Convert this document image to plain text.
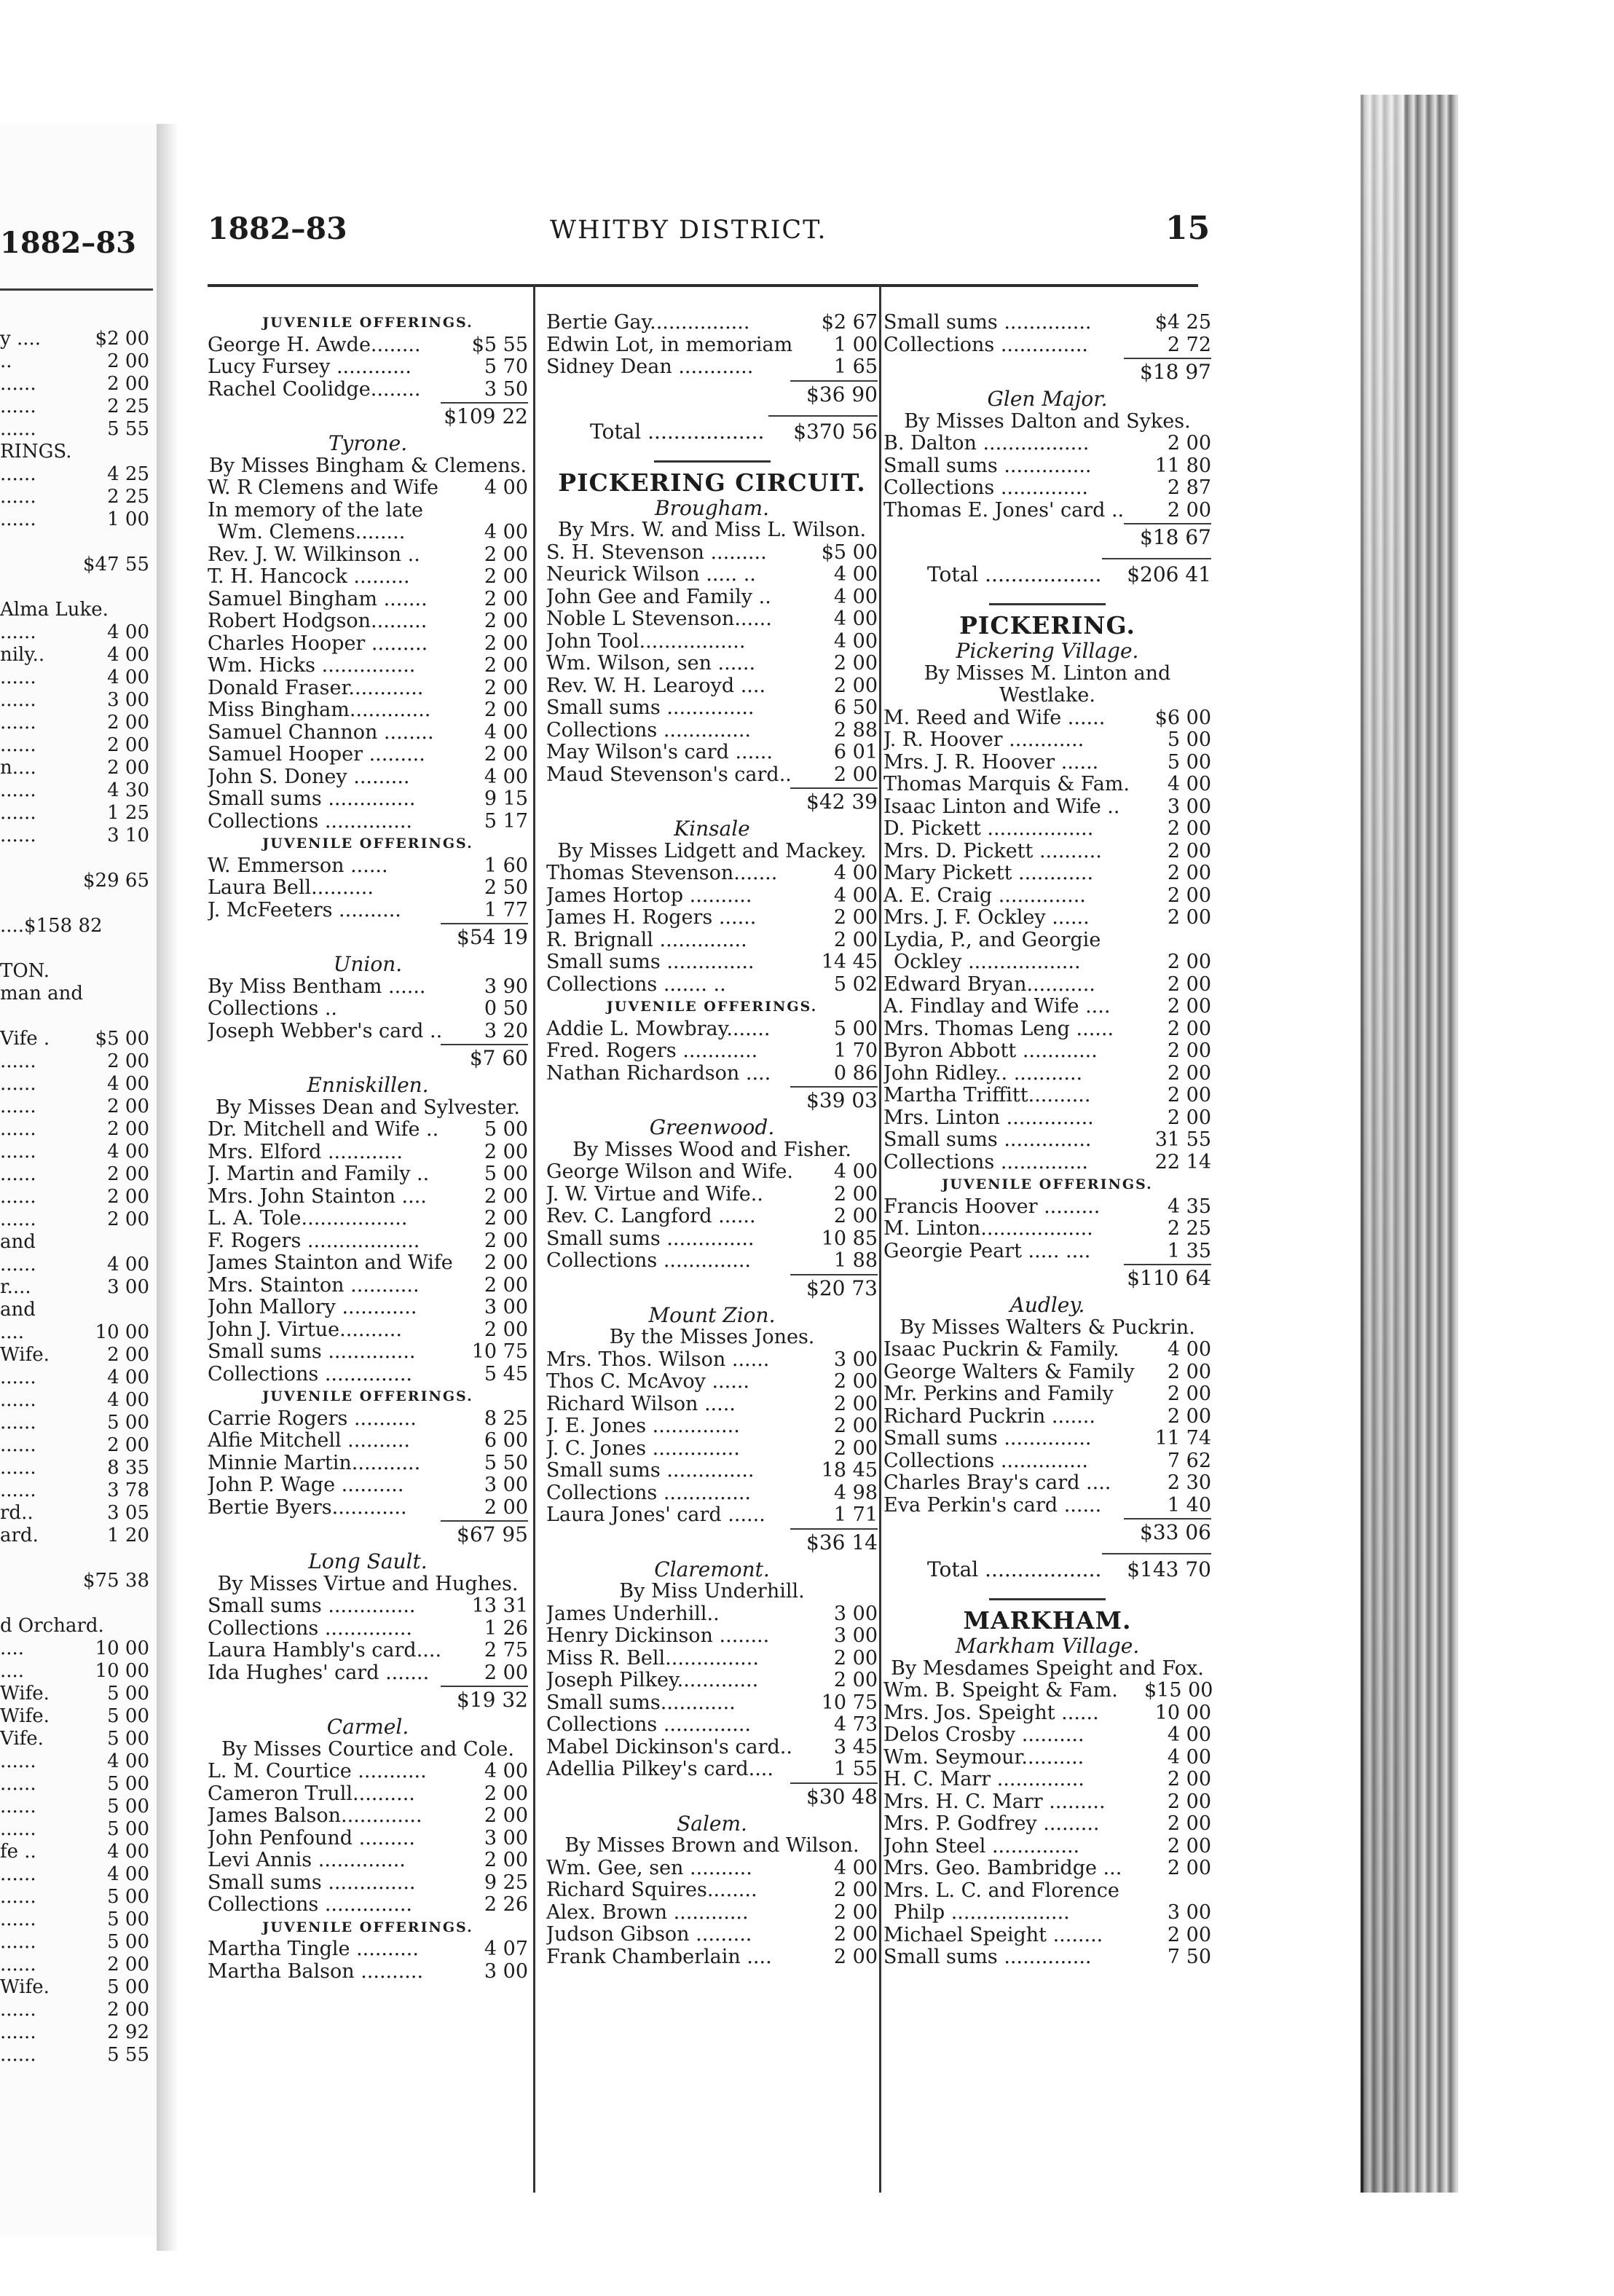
1882–83
y ....	$2 00
..	2 00
......	2 00
......	2 25
......	5 55
RINGS.
......	4 25
......	2 25
......	1 00
$47 55
Alma Luke.
......	4 00
nily..	4 00
......	4 00
......	3 00
......	2 00
......	2 00
n....	2 00
......	4 30
......	1 25
......	3 10
$29 65
....$158 82
TON.
man and
Vife . $5 00
......	2 00
......	4 00
......	2 00
......	2 00
......	4 00
......	2 00
......	2 00
......	2 00
and
......	4 00
r....	3 00
and
....	10 00
Wife.	2 00
......	4 00
......	4 00
......	5 00
......	2 00
......	8 35
......	3 78
rd..	3 05
ard.	1 20
$75 38
d Orchard.
....	10 00
....	10 00
Wife.	5 00
Wife.	5 00
Vife.	5 00
......	4 00
......	5 00
......	5 00
......	5 00
fe ..	4 00
......	4 00
......	5 00
......	5 00
......	5 00
......	2 00
Wife.	5 00
......	2 00
......	2 92
......	5 55
1882–83	WHITBY DISTRICT.	15
JUVENILE OFFERINGS.
George H. Awde........	$5 55
Lucy Fursey ............	5 70
Rachel Coolidge........	3 50
$109 22
Tyrone.
By Misses Bingham & Clemens.
W. R Clemens and Wife	4 00
In memory of the late
Wm. Clemens........	4 00
Rev. J. W. Wilkinson ..	2 00
T. H. Hancock .........	2 00
Samuel Bingham .......	2 00
Robert Hodgson.........	2 00
Charles Hooper .........	2 00
Wm. Hicks ...............	2 00
Donald Fraser............	2 00
Miss Bingham.............	2 00
Samuel Channon ........	4 00
Samuel Hooper .........	2 00
John S. Doney .........	4 00
Small sums ..............	9 15
Collections ..............	5 17
JUVENILE OFFERINGS.
W. Emmerson ......	1 60
Laura Bell..........	2 50
J. McFeeters ..........	1 77
$54 19
Union.
By Miss Bentham ......	3 90
Collections ..	0 50
Joseph Webber's card ..	3 20
$7 60
Enniskillen.
By Misses Dean and Sylvester.
Dr. Mitchell and Wife ..	5 00
Mrs. Elford ............	2 00
J. Martin and Family ..	5 00
Mrs. John Stainton ....	2 00
L. A. Tole.................	2 00
F. Rogers ..................	2 00
James Stainton and Wife	2 00
Mrs. Stainton ...........	2 00
John Mallory ............	3 00
John J. Virtue..........	2 00
Small sums ..............	10 75
Collections ..............	5 45
JUVENILE OFFERINGS.
Carrie Rogers ..........	8 25
Alfie Mitchell ..........	6 00
Minnie Martin...........	5 50
John P. Wage ..........	3 00
Bertie Byers............	2 00
$67 95
Long Sault.
By Misses Virtue and Hughes.
Small sums ..............	13 31
Collections ..............	1 26
Laura Hambly's card....	2 75
Ida Hughes' card .......	2 00
$19 32
Carmel.
By Misses Courtice and Cole.
L. M. Courtice ...........	4 00
Cameron Trull..........	2 00
James Balson.............	2 00
John Penfound .........	3 00
Levi Annis ..............	2 00
Small sums ..............	9 25
Collections ..............	2 26
JUVENILE OFFERINGS.
Martha Tingle ..........	4 07
Martha Balson ..........	3 00
Bertie Gay................	$2 67
Edwin Lot, in memoriam	1 00
Sidney Dean ............	1 65
$36 90
Total .................. $370 56
PICKERING CIRCUIT.
Brougham.
By Mrs. W. and Miss L. Wilson.
S. H. Stevenson .........	$5 00
Neurick Wilson ..... ..	4 00
John Gee and Family ..	4 00
Noble L Stevenson......	4 00
John Tool.................	4 00
Wm. Wilson, sen ......	2 00
Rev. W. H. Learoyd ....	2 00
Small sums ..............	6 50
Collections ..............	2 88
May Wilson's card ......	6 01
Maud Stevenson's card..	2 00
$42 39
Kinsale
By Misses Lidgett and Mackey.
Thomas Stevenson.......	4 00
James Hortop ..........	4 00
James H. Rogers ......	2 00
R. Brignall ..............	2 00
Small sums ..............	14 45
Collections ....... ..	5 02
JUVENILE OFFERINGS.
Addie L. Mowbray.......	5 00
Fred. Rogers ............	1 70
Nathan Richardson ....	0 86
$39 03
Greenwood.
By Misses Wood and Fisher.
George Wilson and Wife.	4 00
J. W. Virtue and Wife..	2 00
Rev. C. Langford ......	2 00
Small sums ..............	10 85
Collections ..............	1 88
$20 73
Mount Zion.
By the Misses Jones.
Mrs. Thos. Wilson ......	3 00
Thos C. McAvoy ......	2 00
Richard Wilson .....	2 00
J. E. Jones ..............	2 00
J. C. Jones ..............	2 00
Small sums ..............	18 45
Collections ..............	4 98
Laura Jones' card ......	1 71
$36 14
Claremont.
By Miss Underhill.
James Underhill..	3 00
Henry Dickinson ........	3 00
Miss R. Bell...............	2 00
Joseph Pilkey.............	2 00
Small sums............	10 75
Collections ..............	4 73
Mabel Dickinson's card..	3 45
Adellia Pilkey's card....	1 55
$30 48
Salem.
By Misses Brown and Wilson.
Wm. Gee, sen ..........	4 00
Richard Squires........	2 00
Alex. Brown ............	2 00
Judson Gibson .........	2 00
Frank Chamberlain ....	2 00
Small sums ..............	$4 25
Collections ..............	2 72
$18 97
Glen Major.
By Misses Dalton and Sykes.
B. Dalton .................	2 00
Small sums ..............	11 80
Collections ..............	2 87
Thomas E. Jones' card ..	2 00
$18 67
Total .................. $206 41
PICKERING.
Pickering Village.
By Misses M. Linton and
Westlake.
M. Reed and Wife ......	$6 00
J. R. Hoover ............	5 00
Mrs. J. R. Hoover ......	5 00
Thomas Marquis & Fam.	4 00
Isaac Linton and Wife ..	3 00
D. Pickett .................	2 00
Mrs. D. Pickett ..........	2 00
Mary Pickett ............	2 00
A. E. Craig ..............	2 00
Mrs. J. F. Ockley ......	2 00
Lydia, P., and Georgie
Ockley ..................	2 00
Edward Bryan...........	2 00
A. Findlay and Wife ....	2 00
Mrs. Thomas Leng ......	2 00
Byron Abbott ............	2 00
John Ridley.. ...........	2 00
Martha Triffitt..........	2 00
Mrs. Linton ..............	2 00
Small sums ..............	31 55
Collections ..............	22 14
JUVENILE OFFERINGS.
Francis Hoover .........	4 35
M. Linton..................	2 25
Georgie Peart ..... ....	1 35
$110 64
Audley.
By Misses Walters & Puckrin.
Isaac Puckrin & Family.	4 00
George Walters & Family	2 00
Mr. Perkins and Family	2 00
Richard Puckrin .......	2 00
Small sums ..............	11 74
Collections ..............	7 62
Charles Bray's card ....	2 30
Eva Perkin's card ......	1 40
$33 06
Total .................. $143 70
MARKHAM.
Markham Village.
By Mesdames Speight and Fox.
Wm. B. Speight & Fam.	$15 00
Mrs. Jos. Speight ......	10 00
Delos Crosby ..........	4 00
Wm. Seymour..........	4 00
H. C. Marr ..............	2 00
Mrs. H. C. Marr .........	2 00
Mrs. P. Godfrey .........	2 00
John Steel ..............	2 00
Mrs. Geo. Bambridge ...	2 00
Mrs. L. C. and Florence
Philp ...................	3 00
Michael Speight ........	2 00
Small sums ..............	7 50
